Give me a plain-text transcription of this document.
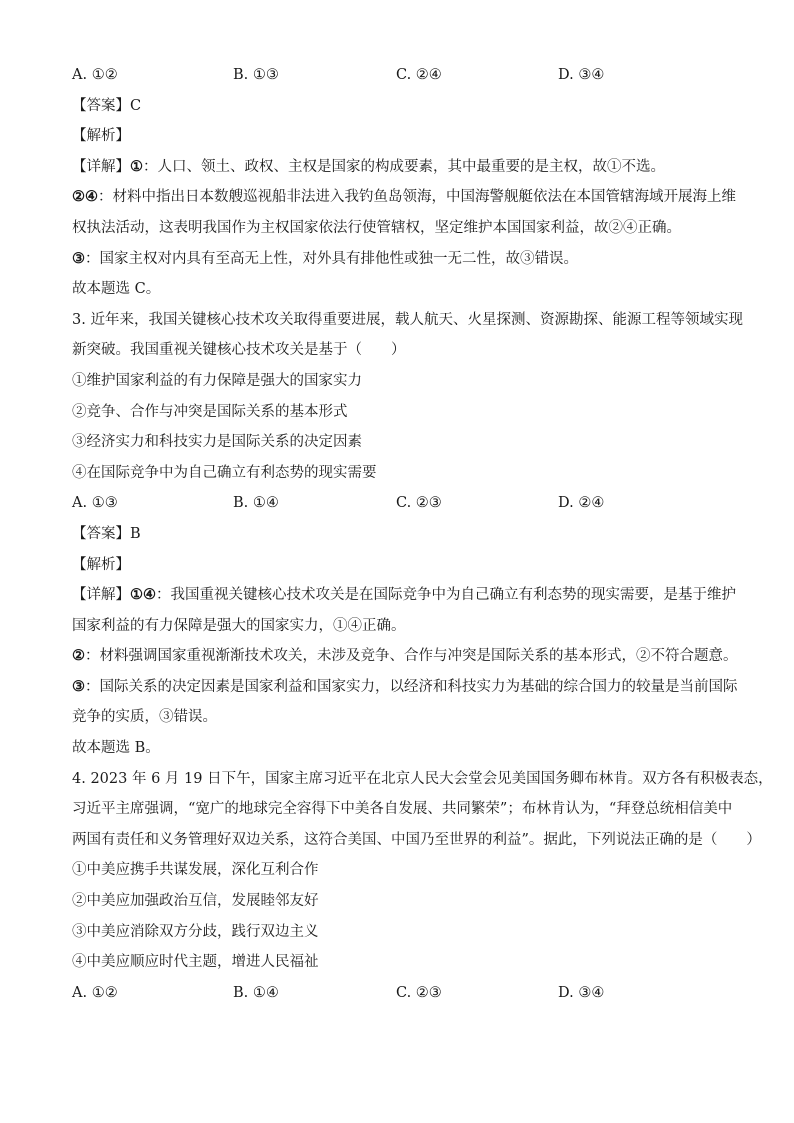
A. ①②	B. ①③	C. ②④	D. ③④
【答案】C
【解析】
【详解】①：人口、领土、政权、主权是国家的构成要素，其中最重要的是主权，故①不选。
②④：材料中指出日本数艘巡视船非法进入我钓鱼岛领海，中国海警舰艇依法在本国管辖海域开展海上维
权执法活动，这表明我国作为主权国家依法行使管辖权，坚定维护本国国家利益，故②④正确。
③：国家主权对内具有至高无上性，对外具有排他性或独一无二性，故③错误。
故本题选 C。
3. 近年来，我国关键核心技术攻关取得重要进展，载人航天、火星探测、资源勘探、能源工程等领域实现
新突破。我国重视关键核心技术攻关是基于（　　）
①维护国家利益的有力保障是强大的国家实力
②竞争、合作与冲突是国际关系的基本形式
③经济实力和科技实力是国际关系的决定因素
④在国际竞争中为自己确立有利态势的现实需要
A. ①③	B. ①④	C. ②③	D. ②④
【答案】B
【解析】
【详解】①④：我国重视关键核心技术攻关是在国际竞争中为自己确立有利态势的现实需要，是基于维护
国家利益的有力保障是强大的国家实力，①④正确。
②：材料强调国家重视渐渐技术攻关，未涉及竞争、合作与冲突是国际关系的基本形式，②不符合题意。
③：国际关系的决定因素是国家利益和国家实力，以经济和科技实力为基础的综合国力的较量是当前国际
竞争的实质，③错误。
故本题选 B。
4. 2023 年 6 月 19 日下午，国家主席习近平在北京人民大会堂会见美国国务卿布林肯。双方各有积极表态，
习近平主席强调，“宽广的地球完全容得下中美各自发展、共同繁荣”；布林肯认为，“拜登总统相信美中
两国有责任和义务管理好双边关系，这符合美国、中国乃至世界的利益”。据此，下列说法正确的是（　　）
①中美应携手共谋发展，深化互利合作
②中美应加强政治互信，发展睦邻友好
③中美应消除双方分歧，践行双边主义
④中美应顺应时代主题，增进人民福祉
A. ①②	B. ①④	C. ②③	D. ③④
